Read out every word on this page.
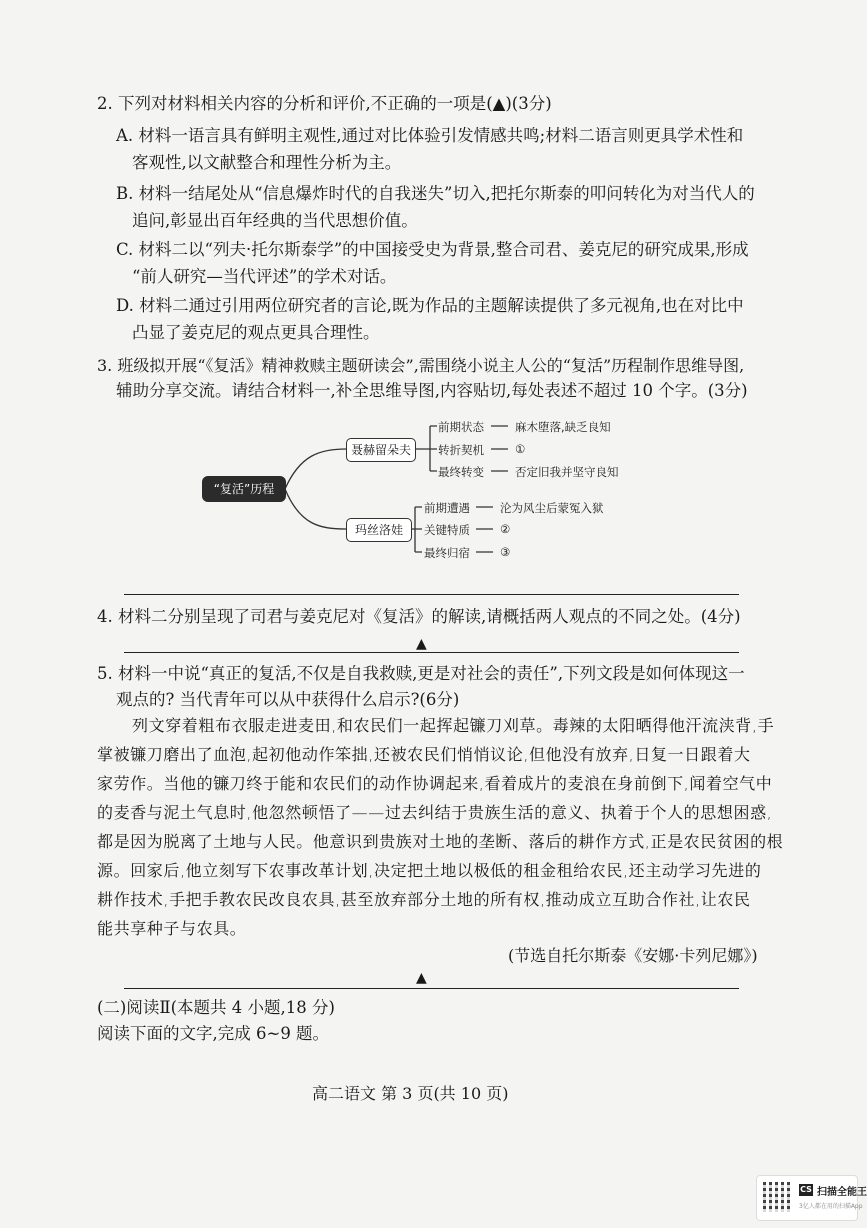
2. 下列对材料相关内容的分析和评价,不正确的一项是(▲)(3分)
A. 材料一语言具有鲜明主观性,通过对比体验引发情感共鸣;材料二语言则更具学术性和
客观性,以文献整合和理性分析为主。
B. 材料一结尾处从“信息爆炸时代的自我迷失”切入,把托尔斯泰的叩问转化为对当代人的
追问,彰显出百年经典的当代思想价值。
C. 材料二以“列夫·托尔斯泰学”的中国接受史为背景,整合司君、姜克尼的研究成果,形成
“前人研究—当代评述”的学术对话。
D. 材料二通过引用两位研究者的言论,既为作品的主题解读提供了多元视角,也在对比中
凸显了姜克尼的观点更具合理性。
3. 班级拟开展“《复活》精神救赎主题研读会”,需围绕小说主人公的“复活”历程制作思维导图,
辅助分享交流。请结合材料一,补全思维导图,内容贴切,每处表述不超过 10 个字。(3分)
“复活”历程
聂赫留朵夫
前期状态	麻木堕落,缺乏良知
转折契机	①
最终转变	否定旧我并坚守良知
玛丝洛娃
前期遭遇	沦为风尘后蒙冤入狱
关键特质	②
最终归宿	③
4. 材料二分别呈现了司君与姜克尼对《复活》的解读,请概括两人观点的不同之处。(4分)
▲
5. 材料一中说“真正的复活,不仅是自我救赎,更是对社会的责任”,下列文段是如何体现这一
观点的? 当代青年可以从中获得什么启示?(6分)
列文穿着粗布衣服走进麦田,和农民们一起挥起镰刀刈草。毒辣的太阳晒得他汗流浃背,手
掌被镰刀磨出了血泡,起初他动作笨拙,还被农民们悄悄议论,但他没有放弃,日复一日跟着大
家劳作。当他的镰刀终于能和农民们的动作协调起来,看着成片的麦浪在身前倒下,闻着空气中
的麦香与泥土气息时,他忽然顿悟了——过去纠结于贵族生活的意义、执着于个人的思想困惑,
都是因为脱离了土地与人民。他意识到贵族对土地的垄断、落后的耕作方式,正是农民贫困的根
源。回家后,他立刻写下农事改革计划,决定把土地以极低的租金租给农民,还主动学习先进的
耕作技术,手把手教农民改良农具,甚至放弃部分土地的所有权,推动成立互助合作社,让农民
能共享种子与农具。
(节选自托尔斯泰《安娜·卡列尼娜》)
▲
(二)阅读Ⅱ(本题共 4 小题,18 分)
阅读下面的文字,完成 6~9 题。
高二语文 第 3 页(共 10 页)
CS 扫描全能王
3亿人都在用的扫描App
